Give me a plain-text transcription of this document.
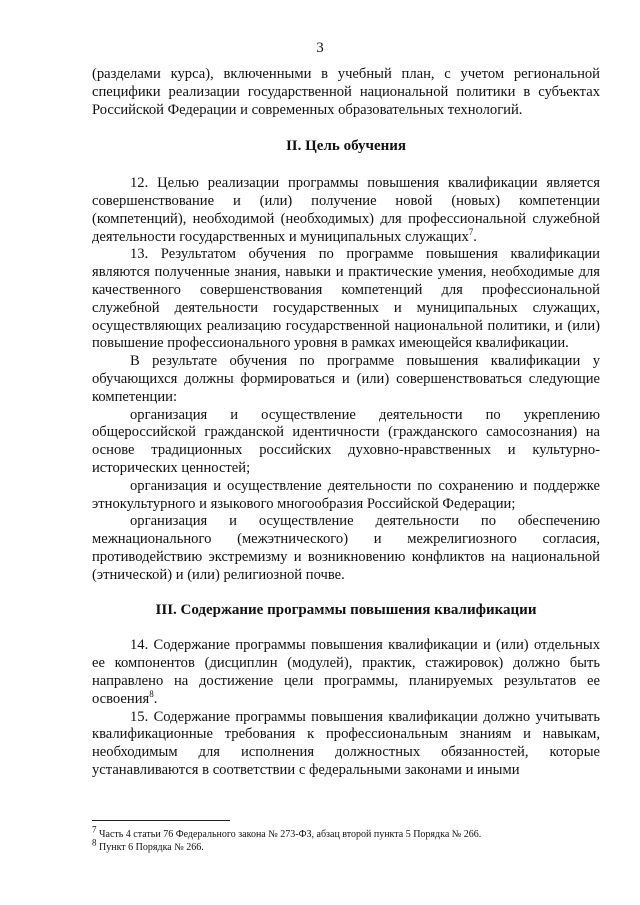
3

(разделами курса), включенными в учебный план, с учетом региональной специфики реализации государственной национальной политики в субъектах Российской Федерации и современных образовательных технологий.

II. Цель обучения

12. Целью реализации программы повышения квалификации является совершенствование и (или) получение новой (новых) компетенции (компетенций), необходимой (необходимых) для профессиональной служебной деятельности государственных и муниципальных служащих$^7$.

13. Результатом обучения по программе повышения квалификации являются полученные знания, навыки и практические умения, необходимые для качественного совершенствования компетенций для профессиональной служебной деятельности государственных и муниципальных служащих, осуществляющих реализацию государственной национальной политики, и (или) повышение профессионального уровня в рамках имеющейся квалификации.

В результате обучения по программе повышения квалификации у обучающихся должны формироваться и (или) совершенствоваться следующие компетенции:

организация и осуществление деятельности по укреплению общероссийской гражданской идентичности (гражданского самосознания) на основе традиционных российских духовно-нравственных и культурно-исторических ценностей;

организация и осуществление деятельности по сохранению и поддержке этнокультурного и языкового многообразия Российской Федерации;

организация и осуществление деятельности по обеспечению межнационального (межэтнического) и межрелигиозного согласия, противодействию экстремизму и возникновению конфликтов на национальной (этнической) и (или) религиозной почве.

III. Содержание программы повышения квалификации

14. Содержание программы повышения квалификации и (или) отдельных ее компонентов (дисциплин (модулей), практик, стажировок) должно быть направлено на достижение цели программы, планируемых результатов ее освоения$^8$.

15. Содержание программы повышения квалификации должно учитывать квалификационные требования к профессиональным знаниям и навыкам, необходимым для исполнения должностных обязанностей, которые устанавливаются в соответствии с федеральными законами и иными

$^7$ Часть 4 статьи 76 Федерального закона № 273-ФЗ, абзац второй пункта 5 Порядка № 266.

$^8$ Пункт 6 Порядка № 266.
